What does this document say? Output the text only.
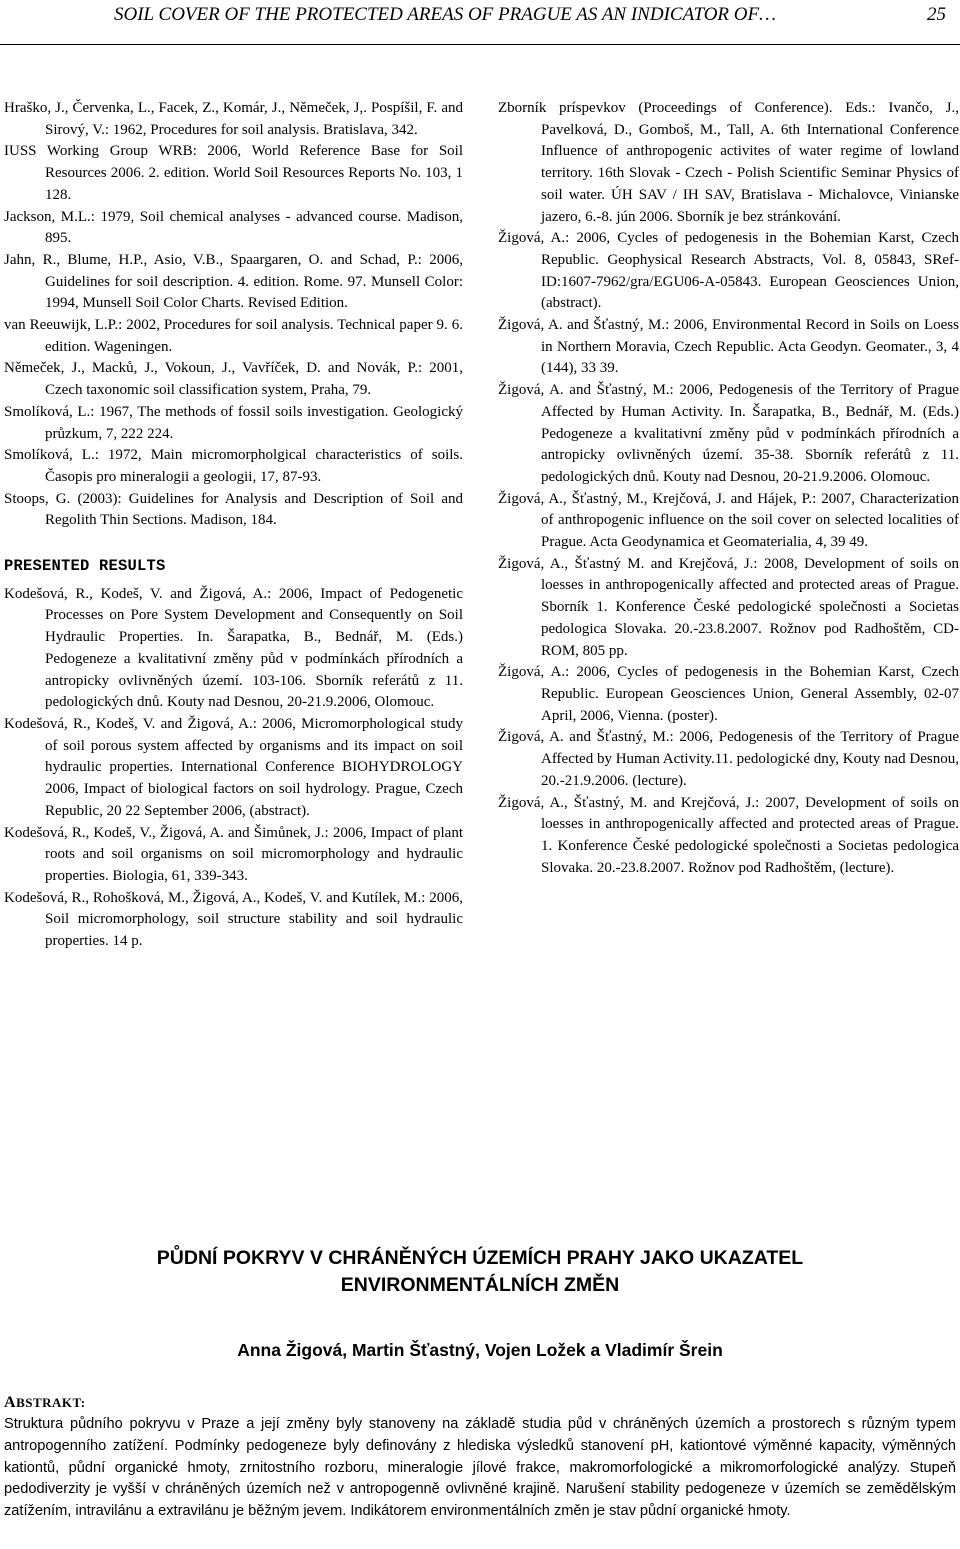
SOIL COVER OF THE PROTECTED AREAS OF PRAGUE AS AN INDICATOR OF…	25

Hraško, J., Červenka, L., Facek, Z., Komár, J., Němeček, J,. Pospíšil, F. and Sirový, V.: 1962, Procedures for soil analysis. Bratislava, 342.

IUSS Working Group WRB: 2006, World Reference Base for Soil Resources 2006. 2. edition. World Soil Resources Reports No. 103, 1 128.

Jackson, M.L.: 1979, Soil chemical analyses - advanced course. Madison, 895.

Jahn, R., Blume, H.P., Asio, V.B., Spaargaren, O. and Schad, P.: 2006, Guidelines for soil description. 4. edition. Rome. 97. Munsell Color: 1994, Munsell Soil Color Charts. Revised Edition.

van Reeuwijk, L.P.: 2002, Procedures for soil analysis. Technical paper 9. 6. edition. Wageningen.

Němeček, J., Macků, J., Vokoun, J., Vavříček, D. and Novák, P.: 2001, Czech taxonomic soil classification system, Praha, 79.

Smolíková, L.: 1967, The methods of fossil soils investigation. Geologický průzkum, 7, 222 224.

Smolíková, L.: 1972, Main micromorpholgical characteristics of soils. Časopis pro mineralogii a geologii, 17, 87-93.

Stoops, G. (2003): Guidelines for Analysis and Description of Soil and Regolith Thin Sections. Madison, 184.

PRESENTED RESULTS

Kodešová, R., Kodeš, V. and Žigová, A.: 2006, Impact of Pedogenetic Processes on Pore System Development and Consequently on Soil Hydraulic Properties. In. Šarapatka, B., Bednář, M. (Eds.) Pedogeneze a kvalitativní změny půd v podmínkách přírodních a antropicky ovlivněných území. 103-106. Sborník referátů z 11. pedologických dnů. Kouty nad Desnou, 20-21.9.2006, Olomouc.

Kodešová, R., Kodeš, V. and Žigová, A.: 2006, Micromorphological study of soil porous system affected by organisms and its impact on soil hydraulic properties. International Conference BIOHYDROLOGY 2006, Impact of biological factors on soil hydrology. Prague, Czech Republic, 20 22 September 2006, (abstract).

Kodešová, R., Kodeš, V., Žigová, A. and Šimůnek, J.: 2006, Impact of plant roots and soil organisms on soil micromorphology and hydraulic properties. Biologia, 61, 339-343.

Kodešová, R., Rohošková, M., Žigová, A., Kodeš, V. and Kutílek, M.: 2006, Soil micromorphology, soil structure stability and soil hydraulic properties. 14 p.

Zborník príspevkov (Proceedings of Conference). Eds.: Ivančo, J., Pavelková, D., Gomboš, M., Tall, A. 6th International Conference Influence of anthropogenic activites of water regime of lowland territory. 16th Slovak - Czech - Polish Scientific Seminar Physics of soil water. ÚH SAV / IH SAV, Bratislava - Michalovce, Vinianske jazero, 6.-8. jún 2006. Sborník je bez stránkování.

Žigová, A.: 2006, Cycles of pedogenesis in the Bohemian Karst, Czech Republic. Geophysical Research Abstracts, Vol. 8, 05843, SRef-ID:1607-7962/gra/EGU06-A-05843. European Geosciences Union, (abstract).

Žigová, A. and Šťastný, M.: 2006, Environmental Record in Soils on Loess in Northern Moravia, Czech Republic. Acta Geodyn. Geomater., 3, 4 (144), 33 39.

Žigová, A. and Šťastný, M.: 2006, Pedogenesis of the Territory of Prague Affected by Human Activity. In. Šarapatka, B., Bednář, M. (Eds.) Pedogeneze a kvalitativní změny půd v podmínkách přírodních a antropicky ovlivněných území. 35-38. Sborník referátů z 11. pedologických dnů. Kouty nad Desnou, 20-21.9.2006. Olomouc.

Žigová, A., Šťastný, M., Krejčová, J. and Hájek, P.: 2007, Characterization of anthropogenic influence on the soil cover on selected localities of Prague. Acta Geodynamica et Geomaterialia, 4, 39 49.

Žigová, A., Šťastný M. and Krejčová, J.: 2008, Development of soils on loesses in anthropogenically affected and protected areas of Prague. Sborník 1. Konference České pedologické společnosti a Societas pedologica Slovaka. 20.-23.8.2007. Rožnov pod Radhoštěm, CD-ROM, 805 pp.

Žigová, A.: 2006, Cycles of pedogenesis in the Bohemian Karst, Czech Republic. European Geosciences Union, General Assembly, 02-07 April, 2006, Vienna. (poster).

Žigová, A. and Šťastný, M.: 2006, Pedogenesis of the Territory of Prague Affected by Human Activity.11. pedologické dny, Kouty nad Desnou, 20.-21.9.2006. (lecture).

Žigová, A., Šťastný, M. and Krejčová, J.: 2007, Development of soils on loesses in anthropogenically affected and protected areas of Prague. 1. Konference České pedologické společnosti a Societas pedologica Slovaka. 20.-23.8.2007. Rožnov pod Radhoštěm, (lecture).

PŮDNÍ POKRYV V CHRÁNĚNÝCH ÚZEMÍCH PRAHY JAKO UKAZATEL
ENVIRONMENTÁLNÍCH ZMĚN
Anna Žigová, Martin Šťastný, Vojen Ložek a Vladimír Šrein
ABSTRAKT:
Struktura půdního pokryvu v Praze a její změny byly stanoveny na základě studia půd v chráněných územích a prostorech s různým typem antropogenního zatížení. Podmínky pedogeneze byly definovány z hlediska výsledků stanovení pH, kationtové výměnné kapacity, výměnných kationtů, půdní organické hmoty, zrnitostního rozboru, mineralogie jílové frakce, makromorfologické a mikromorfologické analýzy. Stupeň pedodiverzity je vyšší v chráněných územích než v antropogenně ovlivněné krajině. Narušení stability pedogeneze v územích se zemědělským zatížením, intravilánu a extravilánu je běžným jevem. Indikátorem environmentálních změn je stav půdní organické hmoty.
